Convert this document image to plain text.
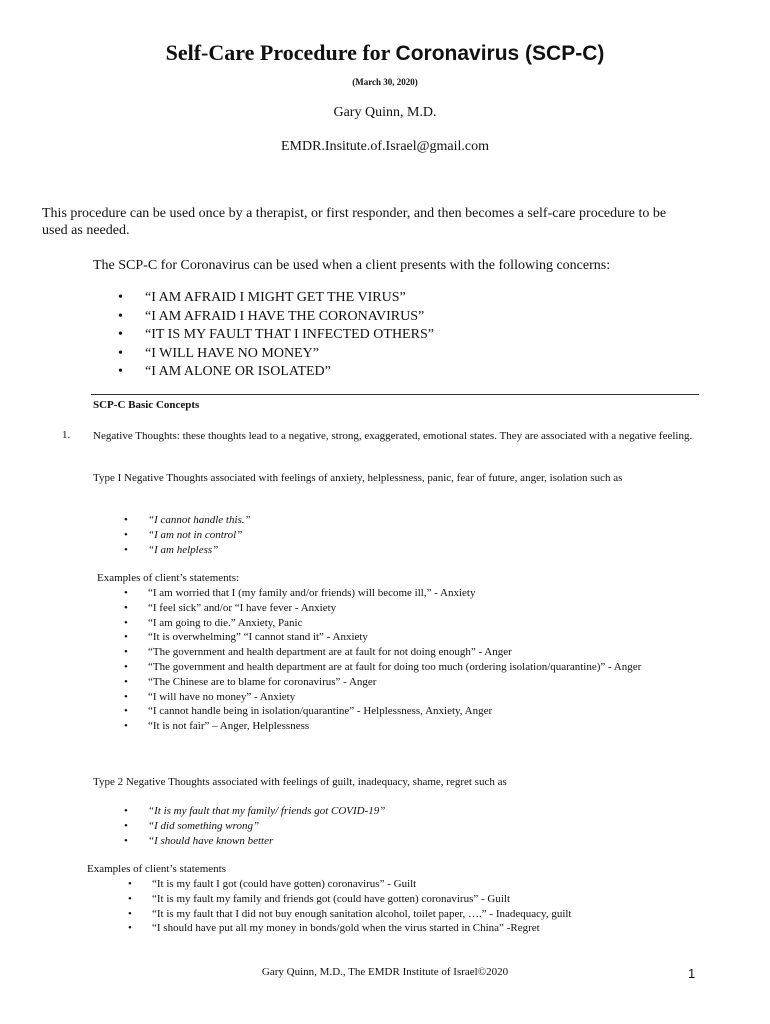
Self-Care Procedure for Coronavirus (SCP-C)
(March 30, 2020)
Gary Quinn, M.D.
EMDR.Insitute.of.Israel@gmail.com
This procedure can be used once by a therapist, or first responder, and then becomes a self-care procedure to be used as needed.
The SCP-C for Coronavirus can be used when a client presents with the following concerns:
• “I AM AFRAID I MIGHT GET THE VIRUS”
• “I AM AFRAID I HAVE THE CORONAVIRUS”
• “IT IS MY FAULT THAT I INFECTED OTHERS”
• “I WILL HAVE NO MONEY”
• “I AM ALONE OR ISOLATED”
SCP-C Basic Concepts
1. Negative Thoughts: these thoughts lead to a negative, strong, exaggerated, emotional states. They are associated with a negative feeling.
Type I Negative Thoughts associated with feelings of anxiety, helplessness, panic, fear of future, anger, isolation such as
• “I cannot handle this.”
• “I am not in control”
• “I am helpless”
Examples of client’s statements:
• “I am worried that I (my family and/or friends) will become ill,” - Anxiety
• “I feel sick” and/or “I have fever - Anxiety
• “I am going to die.” Anxiety, Panic
• “It is overwhelming” “I cannot stand it” - Anxiety
• “The government and health department are at fault for not doing enough” - Anger
• “The government and health department are at fault for doing too much (ordering isolation/quarantine)” - Anger
• “The Chinese are to blame for coronavirus” - Anger
• “I will have no money” - Anxiety
• “I cannot handle being in isolation/quarantine” - Helplessness, Anxiety, Anger
• “It is not fair” – Anger, Helplessness
Type 2 Negative Thoughts associated with feelings of guilt, inadequacy, shame, regret such as
• “It is my fault that my family/ friends got COVID-19”
• “I did something wrong”
• “I should have known better
Examples of client’s statements
• “It is my fault I got (could have gotten) coronavirus” - Guilt
• “It is my fault my family and friends got (could have gotten) coronavirus” - Guilt
• “It is my fault that I did not buy enough sanitation alcohol, toilet paper, ….” - Inadequacy, guilt
• “I should have put all my money in bonds/gold when the virus started in China” -Regret
Gary Quinn, M.D., The EMDR Institute of Israel©2020	1
